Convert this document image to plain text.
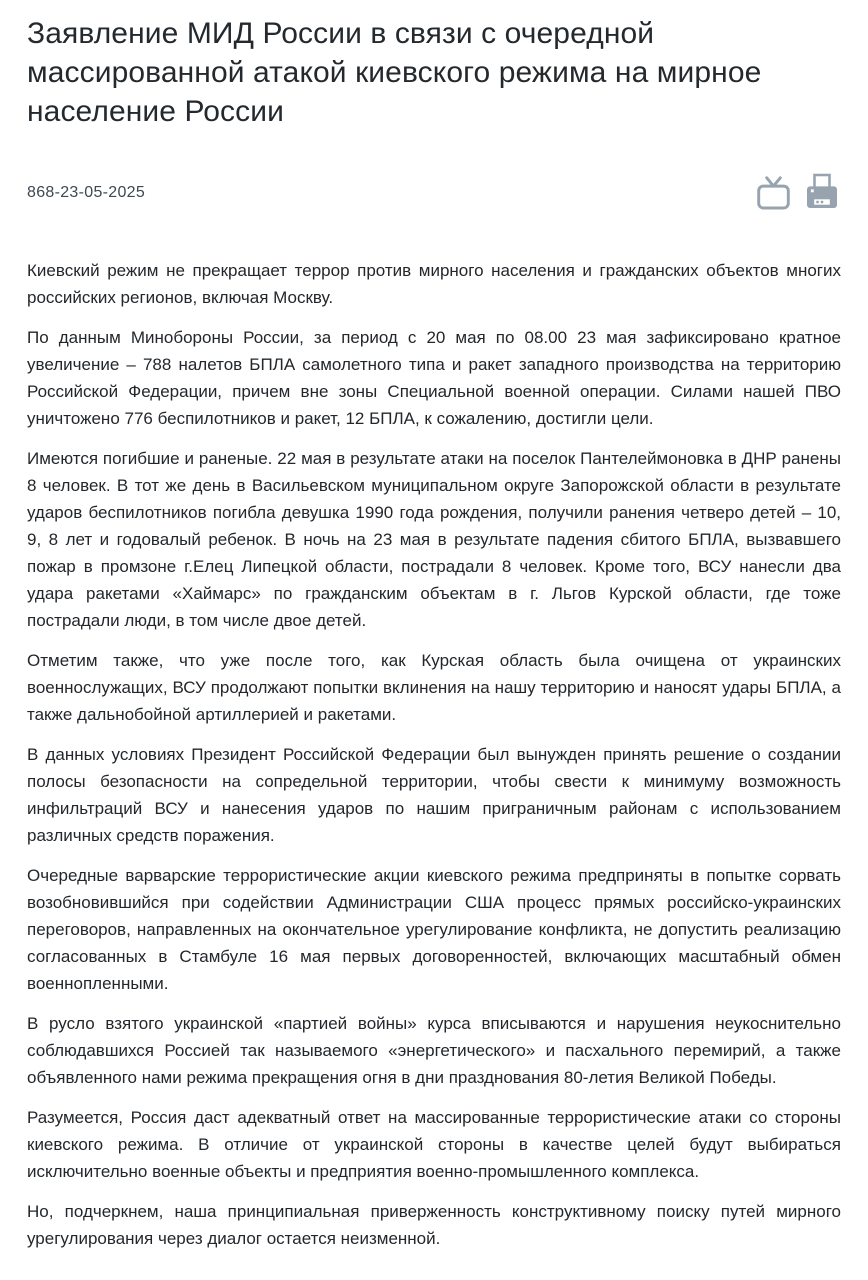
Заявление МИД России в связи с очередной массированной атакой киевского режима на мирное население России
868-23-05-2025

Киевский режим не прекращает террор против мирного населения и гражданских объектов многих российских регионов, включая Москву.

По данным Минобороны России, за период с 20 мая по 08.00 23 мая зафиксировано кратное увеличение – 788 налетов БПЛА самолетного типа и ракет западного производства на территорию Российской Федерации, причем вне зоны Специальной военной операции. Силами нашей ПВО уничтожено 776 беспилотников и ракет, 12 БПЛА, к сожалению, достигли цели.

Имеются погибшие и раненые. 22 мая в результате атаки на поселок Пантелеймоновка в ДНР ранены 8 человек. В тот же день в Васильевском муниципальном округе Запорожской области в результате ударов беспилотников погибла девушка 1990 года рождения, получили ранения четверо детей – 10, 9, 8 лет и годовалый ребенок. В ночь на 23 мая в результате падения сбитого БПЛА, вызвавшего пожар в промзоне г.Елец Липецкой области, пострадали 8 человек. Кроме того, ВСУ нанесли два удара ракетами «Хаймарс» по гражданским объектам в г. Льгов Курской области, где тоже пострадали люди, в том числе двое детей.

Отметим также, что уже после того, как Курская область была очищена от украинских военнослужащих, ВСУ продолжают попытки вклинения на нашу территорию и наносят удары БПЛА, а также дальнобойной артиллерией и ракетами.

В данных условиях Президент Российской Федерации был вынужден принять решение о создании полосы безопасности на сопредельной территории, чтобы свести к минимуму возможность инфильтраций ВСУ и нанесения ударов по нашим приграничным районам с использованием различных средств поражения.

Очередные варварские террористические акции киевского режима предприняты в попытке сорвать возобновившийся при содействии Администрации США процесс прямых российско-украинских переговоров, направленных на окончательное урегулирование конфликта, не допустить реализацию согласованных в Стамбуле 16 мая первых договоренностей, включающих масштабный обмен военнопленными.

В русло взятого украинской «партией войны» курса вписываются и нарушения неукоснительно соблюдавшихся Россией так называемого «энергетического» и пасхального перемирий, а также объявленного нами режима прекращения огня в дни празднования 80-летия Великой Победы.

Разумеется, Россия даст адекватный ответ на массированные террористические атаки со стороны киевского режима. В отличие от украинской стороны в качестве целей будут выбираться исключительно военные объекты и предприятия военно-промышленного комплекса.

Но, подчеркнем, наша принципиальная приверженность конструктивному поиску путей мирного урегулирования через диалог остается неизменной.
